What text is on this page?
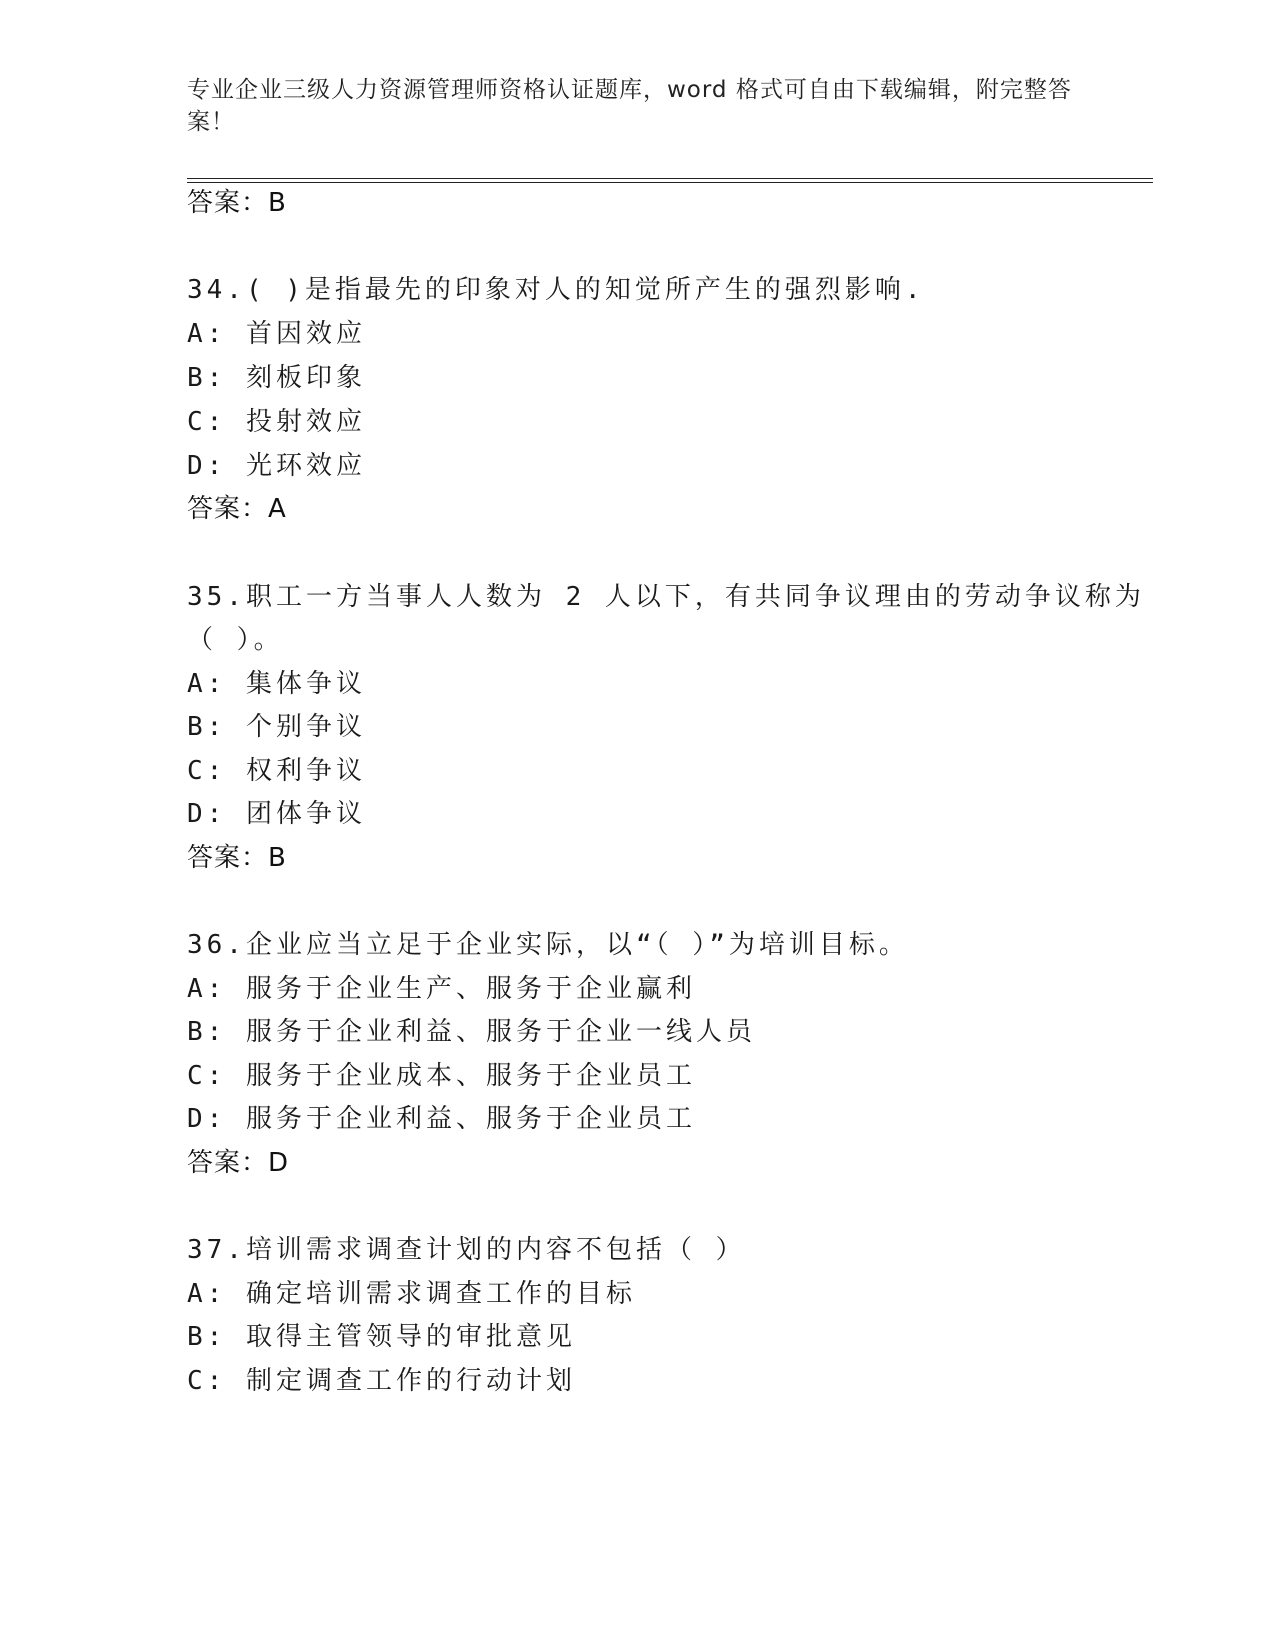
专业企业三级人力资源管理师资格认证题库，word 格式可自由下载编辑，附完整答案！
答案：B
34.( )是指最先的印象对人的知觉所产生的强烈影响.
A: 首因效应
B: 刻板印象
C: 投射效应
D: 光环效应
答案：A
35.职工一方当事人人数为 2 人以下，有共同争议理由的劳动争议称为
（ ）。
A: 集体争议
B: 个别争议
C: 权利争议
D: 团体争议
答案：B
36.企业应当立足于企业实际，以“（ ）”为培训目标。
A: 服务于企业生产、服务于企业赢利
B: 服务于企业利益、服务于企业一线人员
C: 服务于企业成本、服务于企业员工
D: 服务于企业利益、服务于企业员工
答案：D
37.培训需求调查计划的内容不包括（ ）
A: 确定培训需求调查工作的目标
B: 取得主管领导的审批意见
C: 制定调查工作的行动计划
